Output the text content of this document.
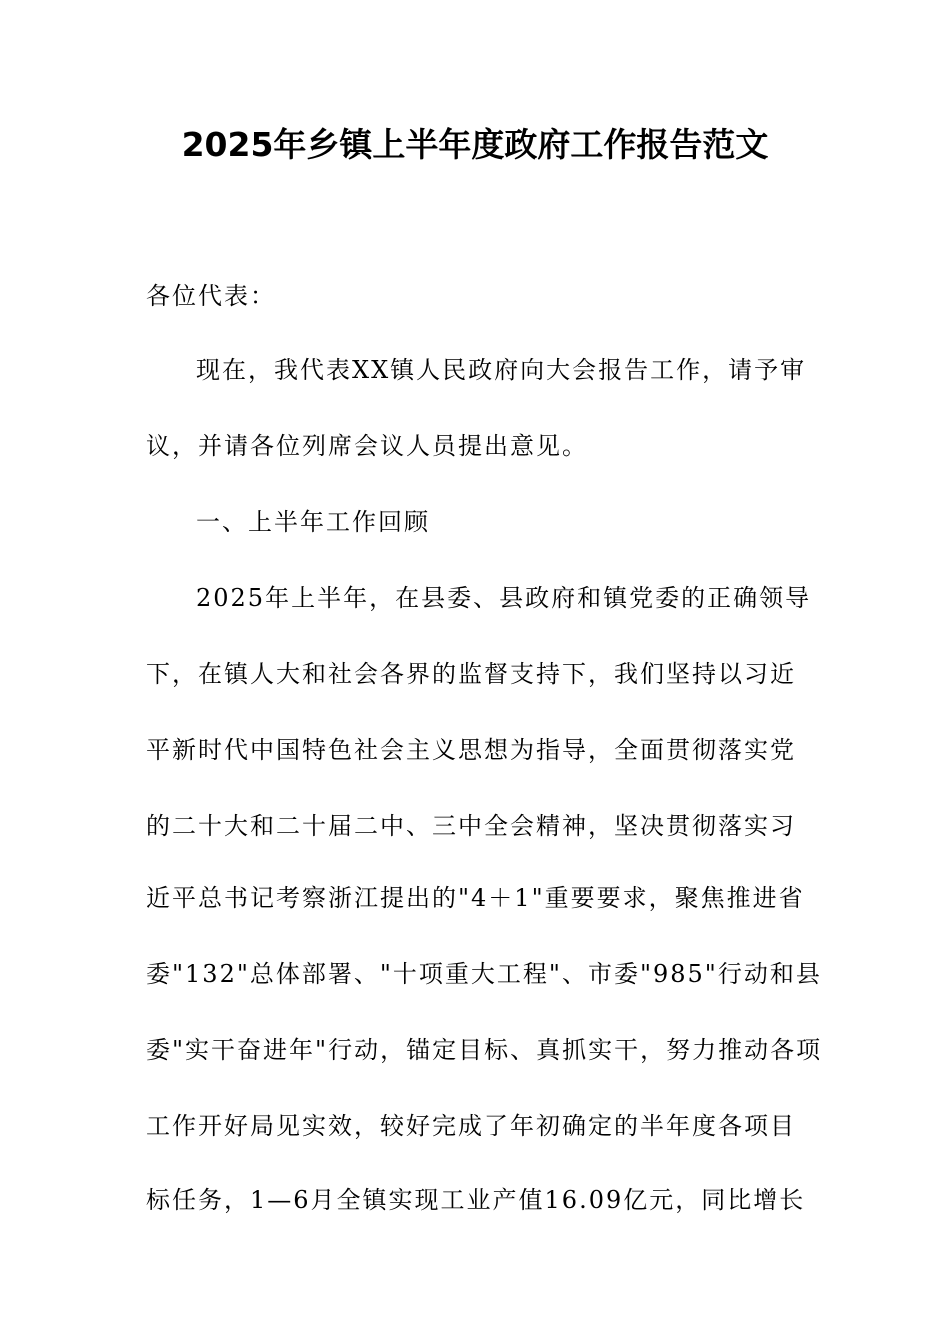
2025年乡镇上半年度政府工作报告范文
各位代表：
现在，我代表XX镇人民政府向大会报告工作，请予审
议，并请各位列席会议人员提出意见。
一、上半年工作回顾
2025年上半年，在县委、县政府和镇党委的正确领导
下，在镇人大和社会各界的监督支持下，我们坚持以习近
平新时代中国特色社会主义思想为指导，全面贯彻落实党
的二十大和二十届二中、三中全会精神，坚决贯彻落实习
近平总书记考察浙江提出的"4＋1"重要要求，聚焦推进省
委"132"总体部署、"十项重大工程"、市委"985"行动和县
委"实干奋进年"行动，锚定目标、真抓实干，努力推动各项
工作开好局见实效，较好完成了年初确定的半年度各项目
标任务，1—6月全镇实现工业产值16.09亿元，同比增长
